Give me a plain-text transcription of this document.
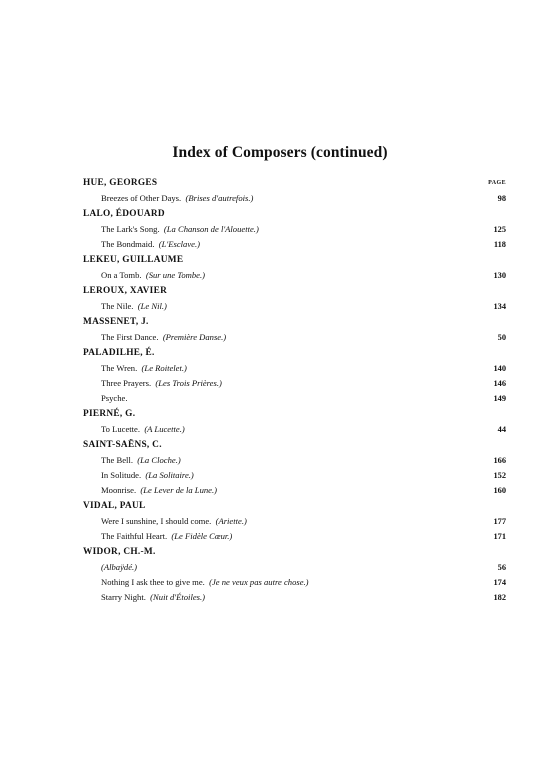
Index of Composers (continued)
PAGE
HUE, GEORGES
Breezes of Other Days. (Brises d'autrefois.)	98
LALO, ÉDOUARD
The Lark's Song. (La Chanson de l'Alouette.)	125
The Bondmaid. (L'Esclave.)	118
LEKEU, GUILLAUME
On a Tomb. (Sur une Tombe.)	130
LEROUX, XAVIER
The Nile. (Le Nil.)	134
MASSENET, J.
The First Dance. (Première Danse.)	50
PALADILHE, É.
The Wren. (Le Roitelet.)	140
Three Prayers. (Les Trois Prières.)	146
Psyche.	149
PIERNÉ, G.
To Lucette. (A Lucette.)	44
SAINT-SAËNS, C.
The Bell. (La Cloche.)	166
In Solitude. (La Solitaire.)	152
Moonrise. (Le Lever de la Lune.)	160
VIDAL, PAUL
Were I sunshine, I should come. (Ariette.)	177
The Faithful Heart. (Le Fidèle Cœur.)	171
WIDOR, CH.-M.
(Albaÿdé.)	56
Nothing I ask thee to give me. (Je ne veux pas autre chose.)	174
Starry Night. (Nuit d'Étoiles.)	182
